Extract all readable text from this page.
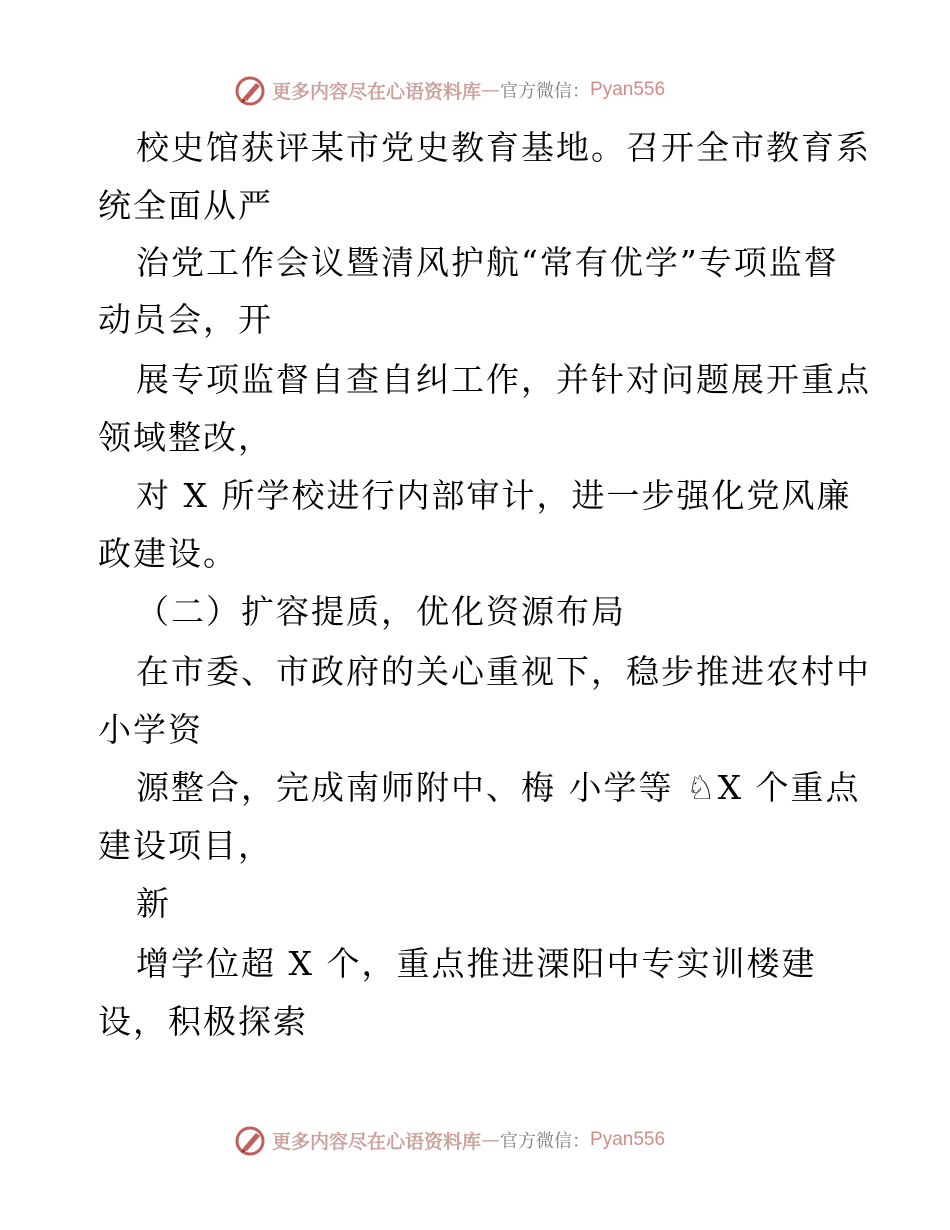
更多内容尽在心语资料库 — 官方微信： Pyan556
校史馆获评某市党史教育基地。召开全市教育系
统全面从严
治党工作会议暨清风护航“常有优学”专项监督
动员会，开
展专项监督自查自纠工作，并针对问题展开重点
领域整改，
对 X 所学校进行内部审计，进一步强化党风廉
政建设。
（二）扩容提质，优化资源布局
在市委、市政府的关心重视下，稳步推进农村中
小学资
源整合，完成南师附中、梅 小学等 ♘X 个重点
建设项目，
新
增学位超 X 个，重点推进溧阳中专实训楼建
设，积极探索
更多内容尽在心语资料库 — 官方微信： Pyan556
